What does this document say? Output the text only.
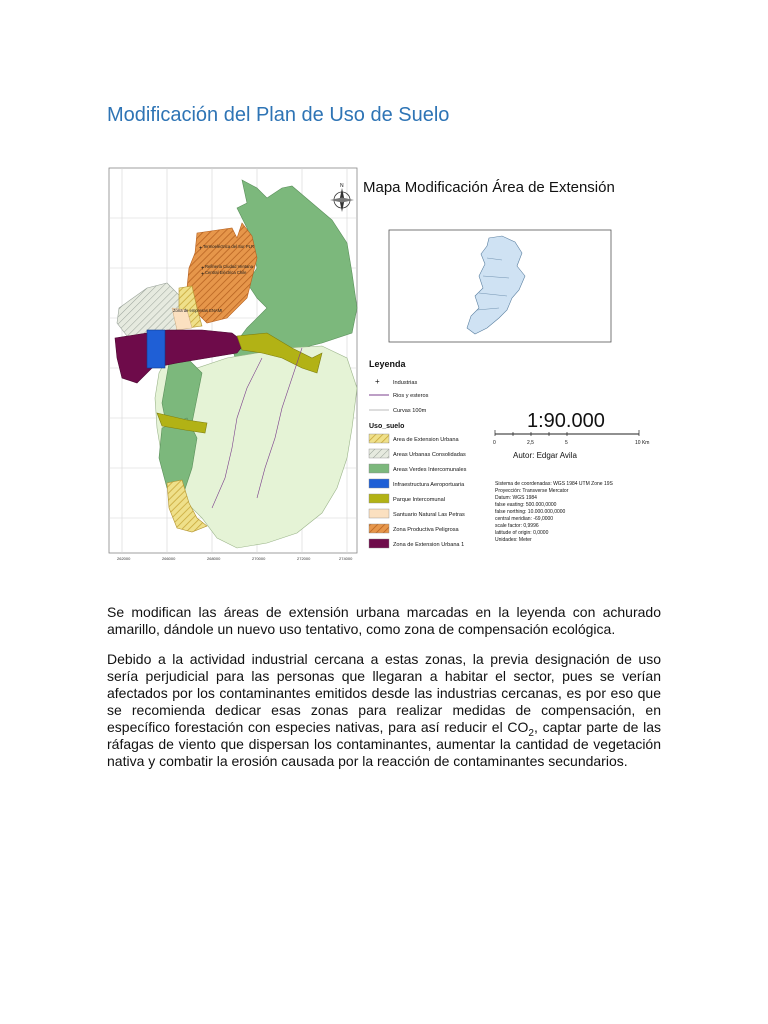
Modificación del Plan de Uso de Suelo
Termoeléctrica del Sur PLR
Refinería Ciudad Ventana
Central Eléctrica Chile
Zona de empresas ENAMI
+
+
+
262000	266000	268000	270000	272000	274000
N Mapa Modificación Área de Extensión
Leyenda
+ Industrias
Rios y esteros
Curvas 100m
Uso_suelo
Area de Extension Urbana
Areas Urbanas Consolidadas
Areas Verdes Intercomunales
Infraestructura Aeroportuaria
Parque Intercomunal
Santuario Natural Las Petras
Zona Productiva Peligrosa
Zona de Extension Urbana 1
1:90.000
0	2,5	5	10 Km
Autor: Edgar Avila
Sistema de coordenadas: WGS 1984 UTM Zone 19S
Proyección: Transverse Mercator
Datum: WGS 1984
false easting: 500.000,0000
false northing: 10.000.000,0000
central meridian: -69,0000
scale factor: 0,9996
latitude of origin: 0,0000
Unidades: Meter

Se modifican las áreas de extensión urbana marcadas en la leyenda con achurado amarillo, dándole un nuevo uso tentativo, como zona de compensación ecológica.

Debido a la actividad industrial cercana a estas zonas, la previa designación de uso sería perjudicial para las personas que llegaran a habitar el sector, pues se verían afectados por los contaminantes emitidos desde las industrias cercanas, es por eso que se recomienda dedicar esas zonas para realizar medidas de compensación, en específico forestación con especies nativas, para así reducir el $CO_2$, captar parte de las ráfagas de viento que dispersan los contaminantes, aumentar la cantidad de vegetación nativa y combatir la erosión causada por la reacción de contaminantes secundarios.
